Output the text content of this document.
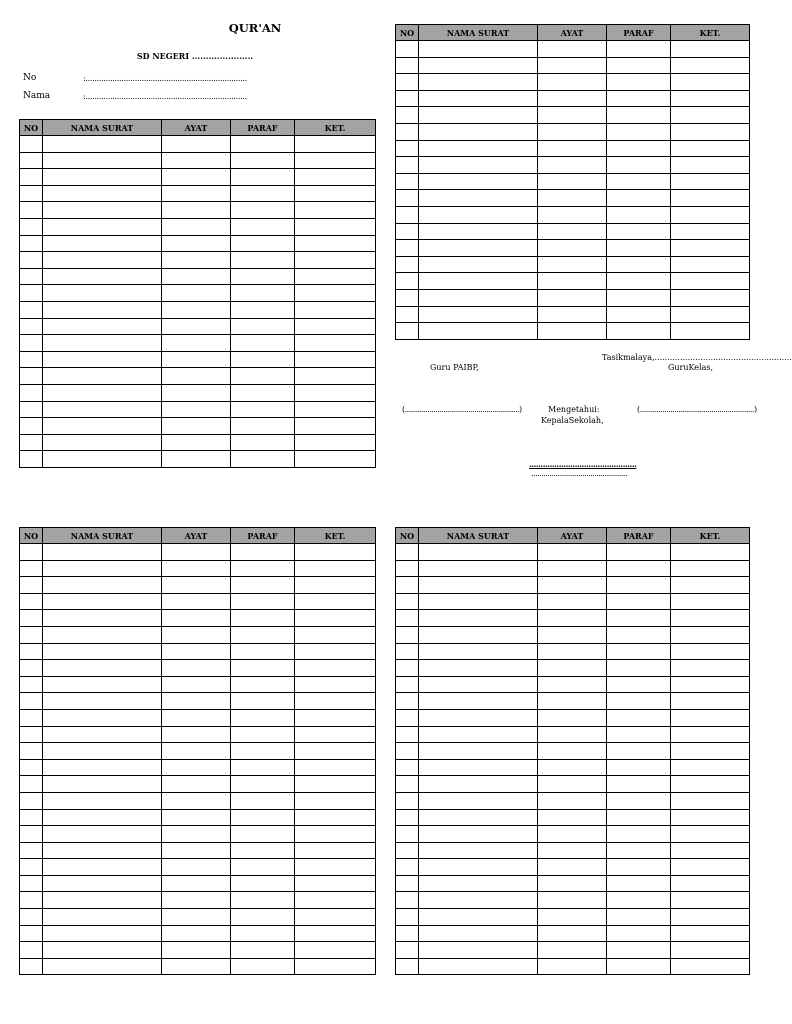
QUR'AN
SD NEGERI ......................
No	:........................................................................
Nama	:........................................................................
NO	NAMA SURAT	AYAT	PARAF	KET.

NO	NAMA SURAT	AYAT	PARAF	KET.

NO	NAMA SURAT	AYAT	PARAF	KET.

					NO	NAMA SURAT	AYAT	PARAF	KET.

Tasikmalaya,......................................................
Guru PAIBP,	GuruKelas,
(........................................................)	Mengetahui:
KepalaSekolah,
(........................................................)
...............................................
...............................................
